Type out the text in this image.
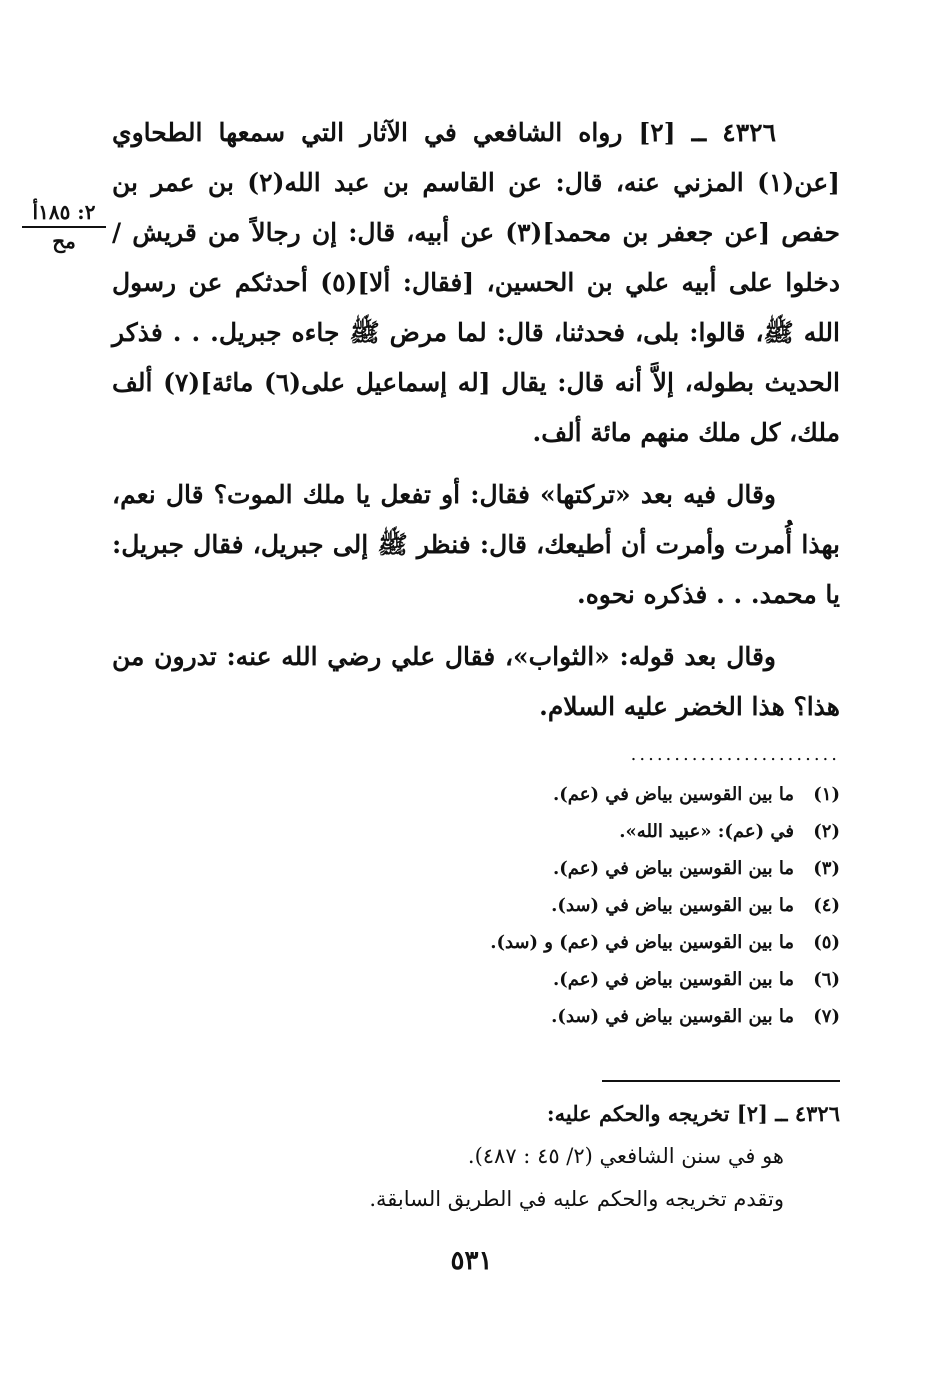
٢: ١٨٥أ
مح

٤٣٢٦ ــ [٢] رواه الشافعي في الآثار التي سمعها الطحاوي [عن(١) المزني عنه، قال: عن القاسم بن عبد الله(٢) بن عمر بن حفص [عن جعفر بن محمد](٣) عن أبيه، قال: إن رجالاً من قريش / دخلوا على أبيه علي بن الحسين، [فقال: ألا](٥) أحدثكم عن رسول الله ﷺ، قالوا: بلى، فحدثنا، قال: لما مرض ﷺ جاءه جبريل. . . فذكر الحديث بطوله، إلاَّ أنه قال: يقال [له إسماعيل على(٦) مائة](٧) ألف ملك، كل ملك منهم مائة ألف.

وقال فيه بعد «تركتها» فقال: أو تفعل يا ملك الموت؟ قال نعم، بهذا أُمرت وأمرت أن أطيعك، قال: فنظر ﷺ إلى جبريل، فقال جبريل: يا محمد. . . فذكره نحوه.

وقال بعد قوله: «الثواب»، فقال علي رضي الله عنه: تدرون من هذا؟ هذا الخضر عليه السلام.

........................
(١)ما بين القوسين بياض في (عم).
(٢)في (عم): «عبيد الله».
(٣)ما بين القوسين بياض في (عم).
(٤)ما بين القوسين بياض في (سد).
(٥)ما بين القوسين بياض في (عم) و (سد).
(٦)ما بين القوسين بياض في (عم).
(٧)ما بين القوسين بياض في (سد).
٤٣٢٦ ــ [٢] تخريجه والحكم عليه:
هو في سنن الشافعي (٢/ ٤٥ : ٤٨٧).
وتقدم تخريجه والحكم عليه في الطريق السابقة.
٥٣١
